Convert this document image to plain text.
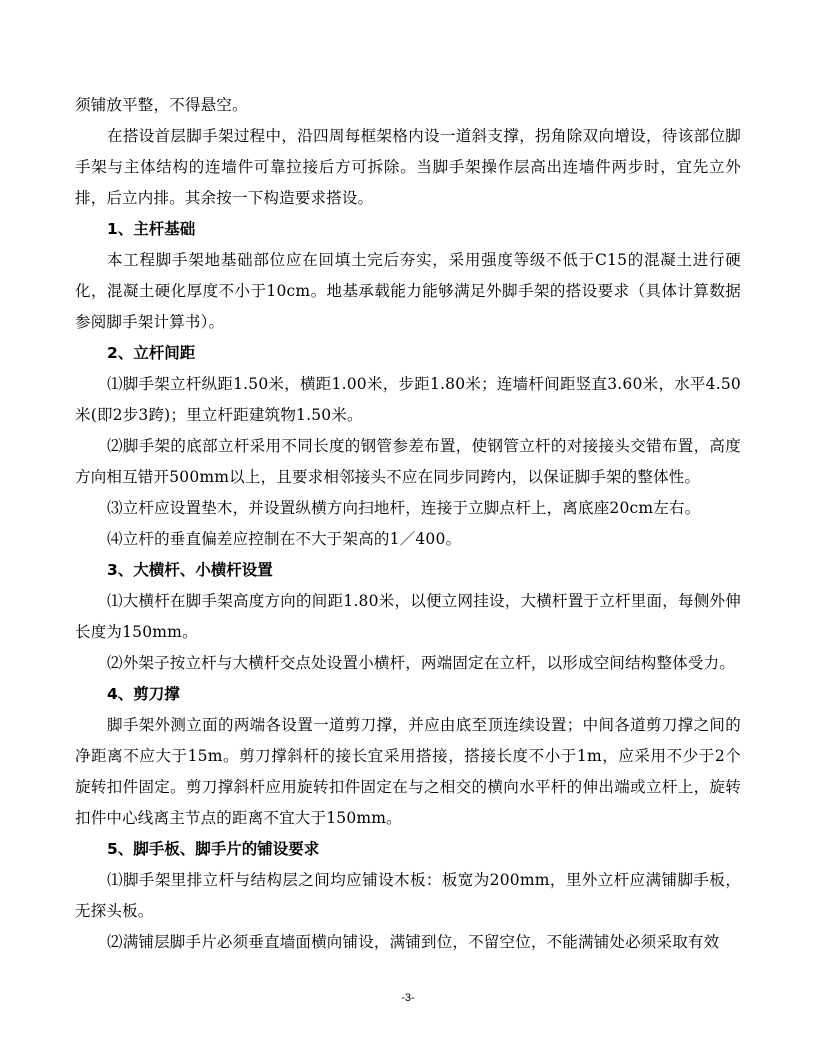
须铺放平整，不得悬空。

在搭设首层脚手架过程中，沿四周每框架格内设一道斜支撑，拐角除双向增设，待该部位脚手架与主体结构的连墙件可靠拉接后方可拆除。当脚手架操作层高出连墙件两步时，宜先立外排，后立内排。其余按一下构造要求搭设。

1、主杆基础

本工程脚手架地基础部位应在回填土完后夯实，采用强度等级不低于C15的混凝土进行硬化，混凝土硬化厚度不小于10cm。地基承载能力能够满足外脚手架的搭设要求（具体计算数据参阅脚手架计算书）。

2、立杆间距

⑴脚手架立杆纵距1.50米，横距1.00米，步距1.80米；连墙杆间距竖直3.60米，水平4.50米(即2步3跨)；里立杆距建筑物1.50米。

⑵脚手架的底部立杆采用不同长度的钢管参差布置，使钢管立杆的对接接头交错布置，高度方向相互错开500mm以上，且要求相邻接头不应在同步同跨内，以保证脚手架的整体性。

⑶立杆应设置垫木，并设置纵横方向扫地杆，连接于立脚点杆上，离底座20cm左右。

⑷立杆的垂直偏差应控制在不大于架高的1／400。

3、大横杆、小横杆设置

⑴大横杆在脚手架高度方向的间距1.80米，以便立网挂设，大横杆置于立杆里面，每侧外伸长度为150mm。

⑵外架子按立杆与大横杆交点处设置小横杆，两端固定在立杆，以形成空间结构整体受力。

4、剪刀撑

脚手架外测立面的两端各设置一道剪刀撑，并应由底至顶连续设置；中间各道剪刀撑之间的净距离不应大于15m。剪刀撑斜杆的接长宜采用搭接，搭接长度不小于1m，应采用不少于2个旋转扣件固定。剪刀撑斜杆应用旋转扣件固定在与之相交的横向水平杆的伸出端或立杆上，旋转扣件中心线离主节点的距离不宜大于150mm。

5、脚手板、脚手片的铺设要求

⑴脚手架里排立杆与结构层之间均应铺设木板：板宽为200mm，里外立杆应满铺脚手板，无探头板。

⑵满铺层脚手片必须垂直墙面横向铺设，满铺到位，不留空位，不能满铺处必须采取有效

-3-
